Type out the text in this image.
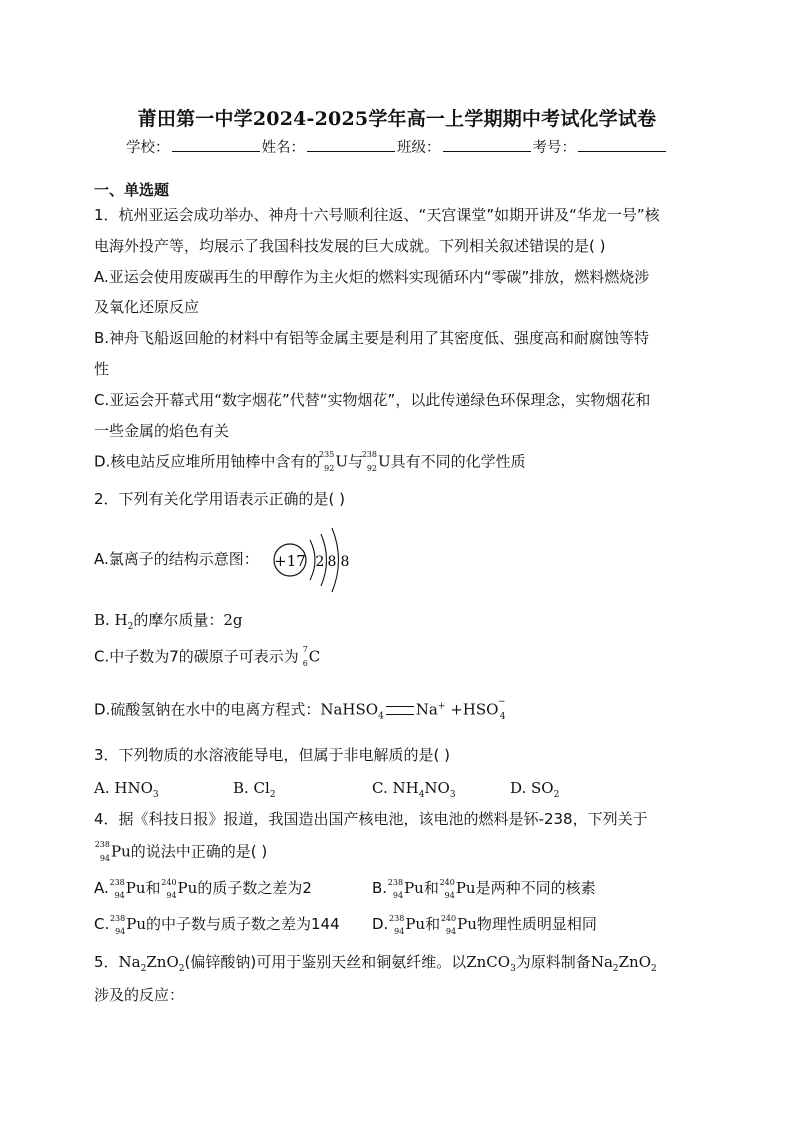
莆田第一中学2024-2025学年高一上学期期中考试化学试卷
学校：	姓名：	班级：	考号：
一、单选题
1．杭州亚运会成功举办、神舟十六号顺利往返、“天宫课堂”如期开讲及“华龙一号”核
电海外投产等，均展示了我国科技发展的巨大成就。下列相关叙述错误的是( )
A.亚运会使用废碳再生的甲醇作为主火炬的燃料实现循环内“零碳”排放，燃料燃烧涉
及氧化还原反应
B.神舟飞船返回舱的材料中有铝等金属主要是利用了其密度低、强度高和耐腐蚀等特
性
C.亚运会开幕式用“数字烟花”代替“实物烟花”，以此传递绿色环保理念，实物烟花和
一些金属的焰色有关
D.核电站反应堆所用铀棒中含有的
235
92 U与
238
92 U具有不同的化学性质
2．下列有关化学用语表示正确的是( )
A.氯离子的结构示意图： +17 2 8 8
B. $H_2$的摩尔质量：2g
C.中子数为7的碳原子可表示为 7
6 C
D.硫酸氢钠在水中的电离方程式：NaHSO$_4$ Na+ +HSO −
4
3．下列物质的水溶液能导电，但属于非电解质的是( )
A. $HNO_3$	B. $Cl_2$	C. $NH_4NO_3$	D. $SO_2$
4．据《科技日报》报道，我国造出国产核电池，该电池的燃料是钚-238，下列关于
238
94 Pu的说法中正确的是( )
A. 238
94 Pu和 240
94 Pu的质子数之差为2	B. 238
94 Pu和 240
94 Pu是两种不同的核素
C. 238
94 Pu的中子数与质子数之差为144 D. 238
94 Pu和 240
94 Pu物理性质明显相同
5．$Na_2ZnO_2$(偏锌酸钠)可用于鉴别天丝和铜氨纤维。以ZnCO$_3$为原料制备$Na_2ZnO_2$
涉及的反应：
